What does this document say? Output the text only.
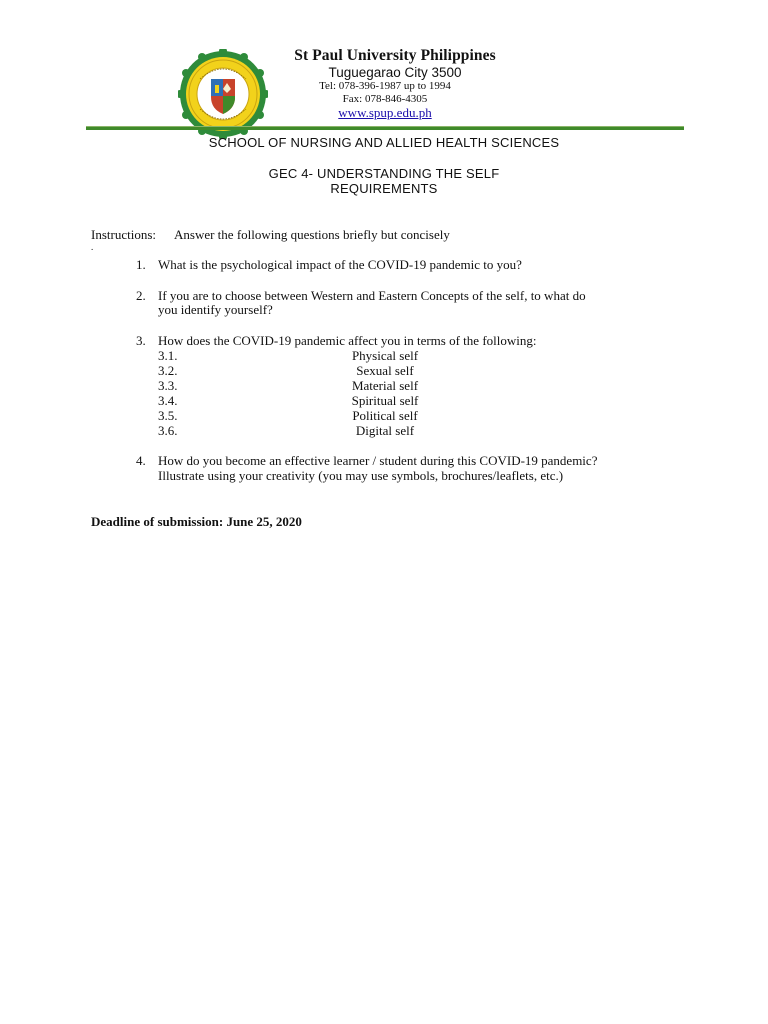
St Paul University Philippines
Tuguegarao City 3500
Tel: 078-396-1987 up to 1994
Fax: 078-846-4305
www.spup.edu.ph
SCHOOL OF NURSING AND ALLIED HEALTH SCIENCES
GEC 4- UNDERSTANDING THE SELF
REQUIREMENTS
Instructions: Answer the following questions briefly but concisely
.
1. What is the psychological impact of the COVID-19 pandemic to you?
2. If you are to choose between Western and Eastern Concepts of the self, to what do
you identify yourself?
3. How does the COVID-19 pandemic affect you in terms of the following:
3.1.	Physical self
3.2.	Sexual self
3.3.	Material self
3.4.	Spiritual self
3.5.	Political self
3.6.	Digital self
4. How do you become an effective learner / student during this COVID-19 pandemic?
Illustrate using your creativity (you may use symbols, brochures/leaflets, etc.)
Deadline of submission: June 25, 2020
